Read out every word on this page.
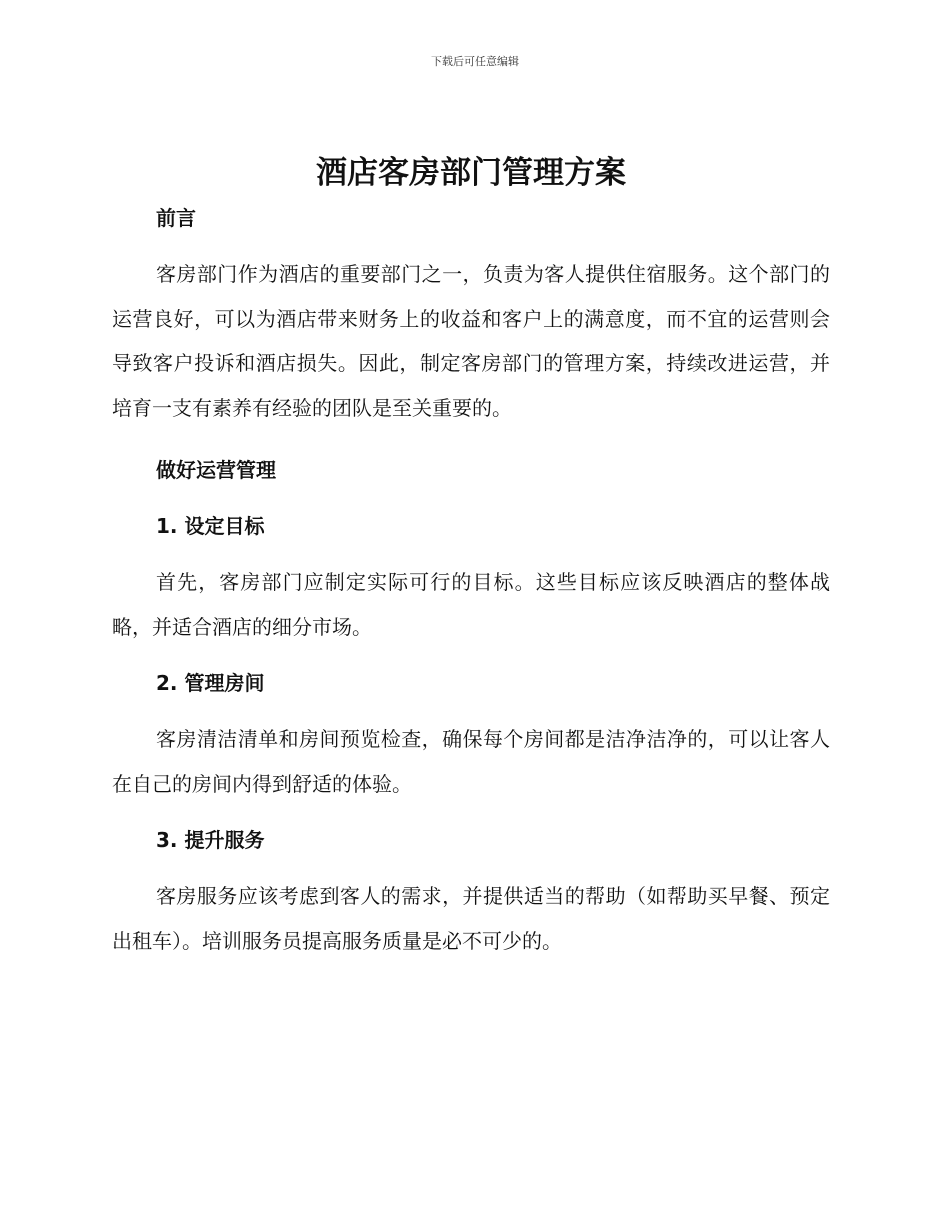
下载后可任意编辑
酒店客房部门管理方案
前言

客房部门作为酒店的重要部门之一，负责为客人提供住宿服务。这个部门的运营良好，可以为酒店带来财务上的收益和客户上的满意度，而不宜的运营则会导致客户投诉和酒店损失。因此，制定客房部门的管理方案，持续改进运营，并培育一支有素养有经验的团队是至关重要的。

做好运营管理
1. 设定目标

首先，客房部门应制定实际可行的目标。这些目标应该反映酒店的整体战略，并适合酒店的细分市场。

2. 管理房间

客房清洁清单和房间预览检查，确保每个房间都是洁净洁净的，可以让客人在自己的房间内得到舒适的体验。

3. 提升服务

客房服务应该考虑到客人的需求，并提供适当的帮助（如帮助买早餐、预定出租车）。培训服务员提高服务质量是必不可少的。
